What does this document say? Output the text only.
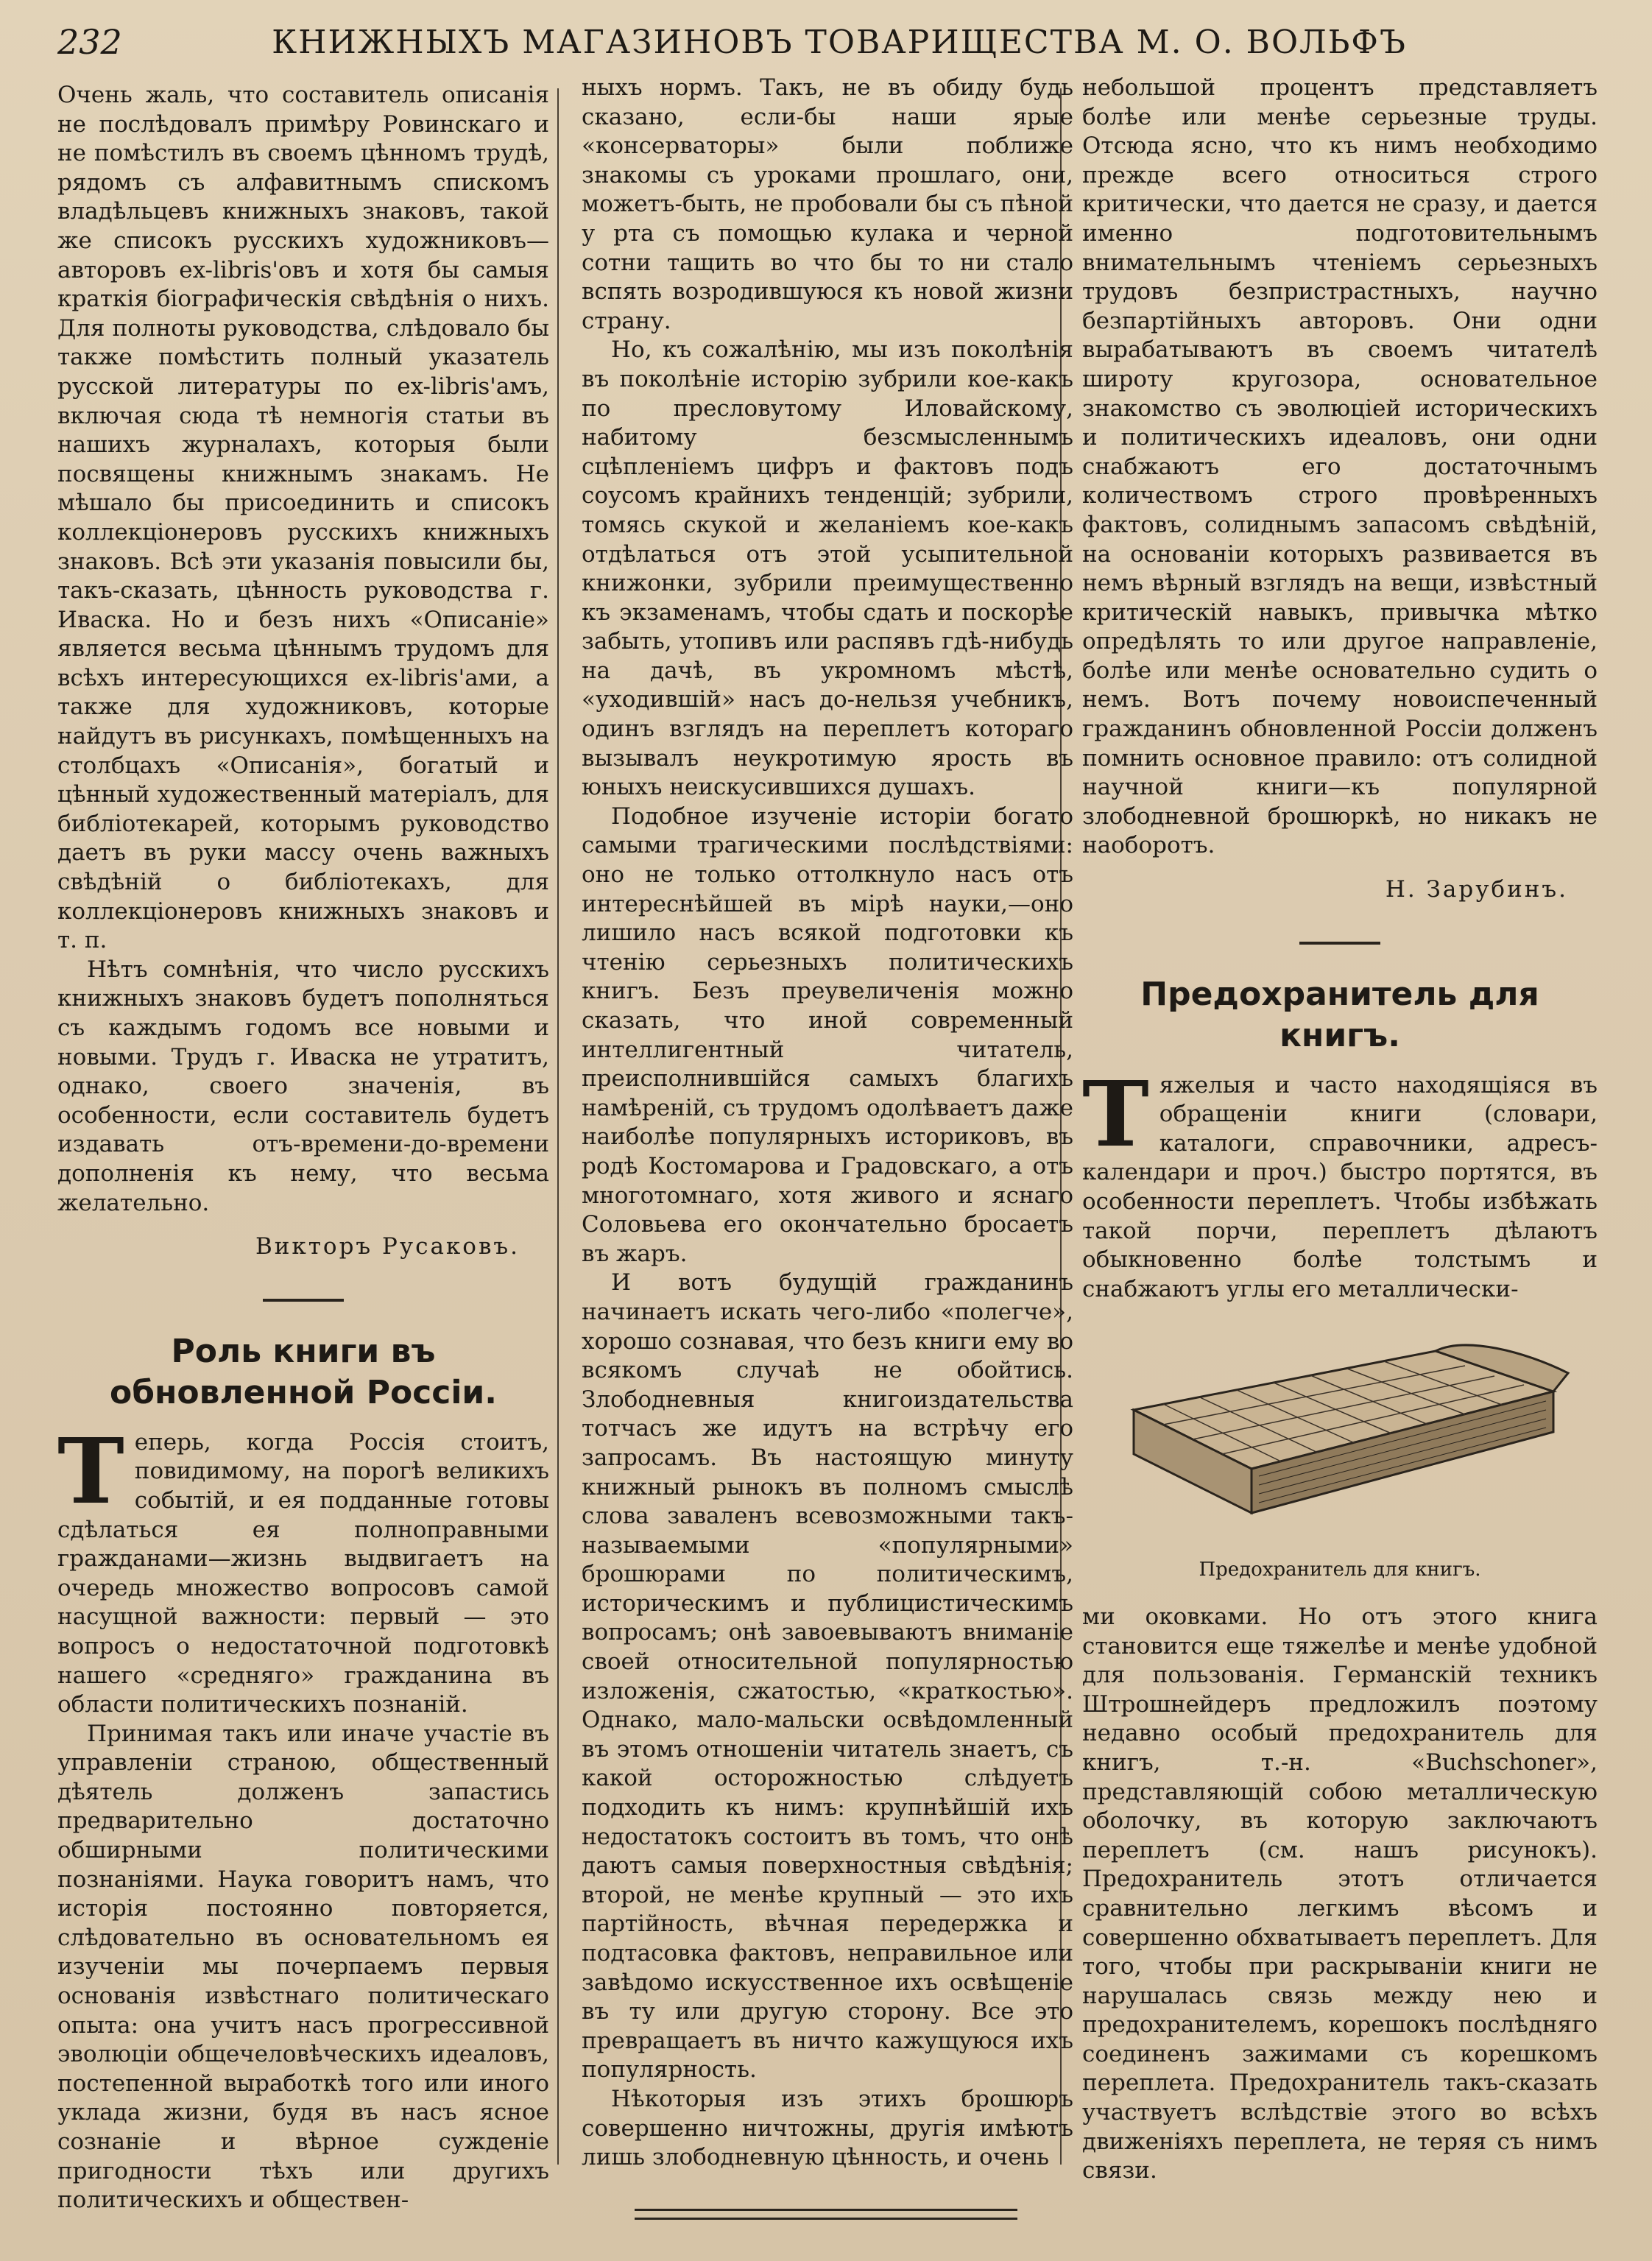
232	КНИЖНЫХЪ МАГАЗИНОВЪ ТОВАРИЩЕСТВА М. О. ВОЛЬФЪ

Очень жаль, что составитель описанія не послѣдовалъ примѣру Ровинскаго и не помѣстилъ въ своемъ цѣнномъ трудѣ, рядомъ съ алфавитнымъ спискомъ владѣльцевъ книжныхъ знаковъ, такой же списокъ русскихъ художниковъ—авторовъ ex-libris'овъ и хотя бы самыя краткія біографическія свѣдѣнія о нихъ. Для полноты руководства, слѣдовало бы также помѣстить полный указатель русской литературы по ex-libris'амъ, включая сюда тѣ немногія статьи въ нашихъ журналахъ, которыя были посвящены книжнымъ знакамъ. Не мѣшало бы присоединить и списокъ коллекціонеровъ русскихъ книжныхъ знаковъ. Всѣ эти указанія повысили бы, такъ-сказать, цѣнность руководства г. Иваска. Но и безъ нихъ «Описаніе» является весьма цѣннымъ трудомъ для всѣхъ интересующихся ex-libris'ами, а также для художниковъ, которые найдутъ въ рисункахъ, помѣщенныхъ на столбцахъ «Описанія», богатый и цѣнный художественный матеріалъ, для библіотекарей, которымъ руководство даетъ въ руки массу очень важныхъ свѣдѣній о библіотекахъ, для коллекціонеровъ книжныхъ знаковъ и т. п.

Нѣтъ сомнѣнія, что число русскихъ книжныхъ знаковъ будетъ пополняться съ каждымъ годомъ все новыми и новыми. Трудъ г. Иваска не утратитъ, однако, своего значенія, въ особенности, если составитель будетъ издавать отъ-времени-до-времени дополненія къ нему, что весьма желательно.

Викторъ Русаковъ.
Роль книги въ обновленной Россіи.

Теперь, когда Россія стоитъ, повидимому, на порогѣ великихъ событій, и ея подданные готовы сдѣлаться ея полноправными гражданами—жизнь выдвигаетъ на очередь множество вопросовъ самой насущной важности: первый — это вопросъ о недостаточной подготовкѣ нашего «средняго» гражданина въ области политическихъ познаній.

Принимая такъ или иначе участіе въ управленіи страною, общественный дѣятель долженъ запастись предварительно достаточно обширными политическими познаніями. Наука говоритъ намъ, что исторія постоянно повторяется, слѣдовательно въ основательномъ ея изученіи мы почерпаемъ первыя основанія извѣстнаго политическаго опыта: она учитъ насъ прогрессивной эволюціи общечеловѣческихъ идеаловъ, постепенной выработкѣ того или иного уклада жизни, будя въ насъ ясное сознаніе и вѣрное сужденіе пригодности тѣхъ или другихъ политическихъ и обществен-

ныхъ нормъ. Такъ, не въ обиду будь сказано, если-бы наши ярые «консерваторы» были поближе знакомы съ уроками прошлаго, они, можетъ-быть, не пробовали бы съ пѣной у рта съ помощью кулака и черной сотни тащить во что бы то ни стало вспять возродившуюся къ новой жизни страну.

Но, къ сожалѣнію, мы изъ поколѣнія въ поколѣніе исторію зубрили кое-какъ по пресловутому Иловайскому, набитому безсмысленнымъ сцѣпленіемъ цифръ и фактовъ подъ соусомъ крайнихъ тенденцій; зубрили, томясь скукой и желаніемъ кое-какъ отдѣлаться отъ этой усыпительной книжонки, зубрили преимущественно къ экзаменамъ, чтобы сдать и поскорѣе забыть, утопивъ или распявъ гдѣ-нибудь на дачѣ, въ укромномъ мѣстѣ, «уходившій» насъ до-нельзя учебникъ, одинъ взглядъ на переплетъ котораго вызывалъ неукротимую ярость въ юныхъ неискусившихся душахъ.

Подобное изученіе исторіи богато самыми трагическими послѣдствіями: оно не только оттолкнуло насъ отъ интереснѣйшей въ мірѣ науки,—оно лишило насъ всякой подготовки къ чтенію серьезныхъ политическихъ книгъ. Безъ преувеличенія можно сказать, что иной современный интеллигентный читатель, преисполнившійся самыхъ благихъ намѣреній, съ трудомъ одолѣваетъ даже наиболѣе популярныхъ историковъ, въ родѣ Костомарова и Градовскаго, а отъ многотомнаго, хотя живого и яснаго Соловьева его окончательно бросаетъ въ жаръ.

И вотъ будущій гражданинъ начинаетъ искать чего-либо «полегче», хорошо сознавая, что безъ книги ему во всякомъ случаѣ не обойтись. Злободневныя книгоиздательства тотчасъ же идутъ на встрѣчу его запросамъ. Въ настоящую минуту книжный рынокъ въ полномъ смыслѣ слова заваленъ всевозможными такъ-называемыми «популярными» брошюрами по политическимъ, историческимъ и публицистическимъ вопросамъ; онѣ завоевываютъ вниманіе своей относительной популярностью изложенія, сжатостью, «краткостью». Однако, мало-мальски освѣдомленный въ этомъ отношеніи читатель знаетъ, съ какой осторожностью слѣдуетъ подходить къ нимъ: крупнѣйшій ихъ недостатокъ состоитъ въ томъ, что онѣ даютъ самыя поверхностныя свѣдѣнія; второй, не менѣе крупный — это ихъ партійность, вѣчная передержка и подтасовка фактовъ, неправильное или завѣдомо искусственное ихъ освѣщеніе въ ту или другую сторону. Все это превращаетъ въ ничто кажущуюся ихъ популярность.

Нѣкоторыя изъ этихъ брошюръ совершенно ничтожны, другія имѣютъ лишь злободневную цѣнность, и очень

небольшой процентъ представляетъ болѣе или менѣе серьезные труды. Отсюда ясно, что къ нимъ необходимо прежде всего относиться строго критически, что дается не сразу, и дается именно подготовительнымъ внимательнымъ чтеніемъ серьезныхъ трудовъ безпристрастныхъ, научно безпартійныхъ авторовъ. Они одни вырабатываютъ въ своемъ читателѣ широту кругозора, основательное знакомство съ эволюціей историческихъ и политическихъ идеаловъ, они одни снабжаютъ его достаточнымъ количествомъ строго провѣренныхъ фактовъ, солиднымъ запасомъ свѣдѣній, на основаніи которыхъ развивается въ немъ вѣрный взглядъ на вещи, извѣстный критическій навыкъ, привычка мѣтко опредѣлять то или другое направленіе, болѣе или менѣе основательно судить о немъ. Вотъ почему новоиспеченный гражданинъ обновленной Россіи долженъ помнить основное правило: отъ солидной научной книги—къ популярной злободневной брошюркѣ, но никакъ не наоборотъ.

Н. Зарубинъ.
Предохранитель для книгъ.

Тяжелыя и часто находящіяся въ обращеніи книги (словари, каталоги, справочники, адресъ-календари и проч.) быстро портятся, въ особенности переплетъ. Чтобы избѣжать такой порчи, переплетъ дѣлаютъ обыкновенно болѣе толстымъ и снабжаютъ углы его металлически-

Предохранитель для книгъ.

ми оковками. Но отъ этого книга становится еще тяжелѣе и менѣе удобной для пользованія. Германскій техникъ Штрошнейдеръ предложилъ поэтому недавно особый предохранитель для книгъ, т.-н. «Buchschoner», представляющій собою металлическую оболочку, въ которую заключаютъ переплетъ (см. нашъ рисунокъ). Предохранитель этотъ отличается сравнительно легкимъ вѣсомъ и совершенно обхватываетъ переплетъ. Для того, чтобы при раскрываніи книги не нарушалась связь между нею и предохранителемъ, корешокъ послѣдняго соединенъ зажимами съ корешкомъ переплета. Предохранитель такъ-сказать участвуетъ вслѣдствіе этого во всѣхъ движеніяхъ переплета, не теряя съ нимъ связи.
